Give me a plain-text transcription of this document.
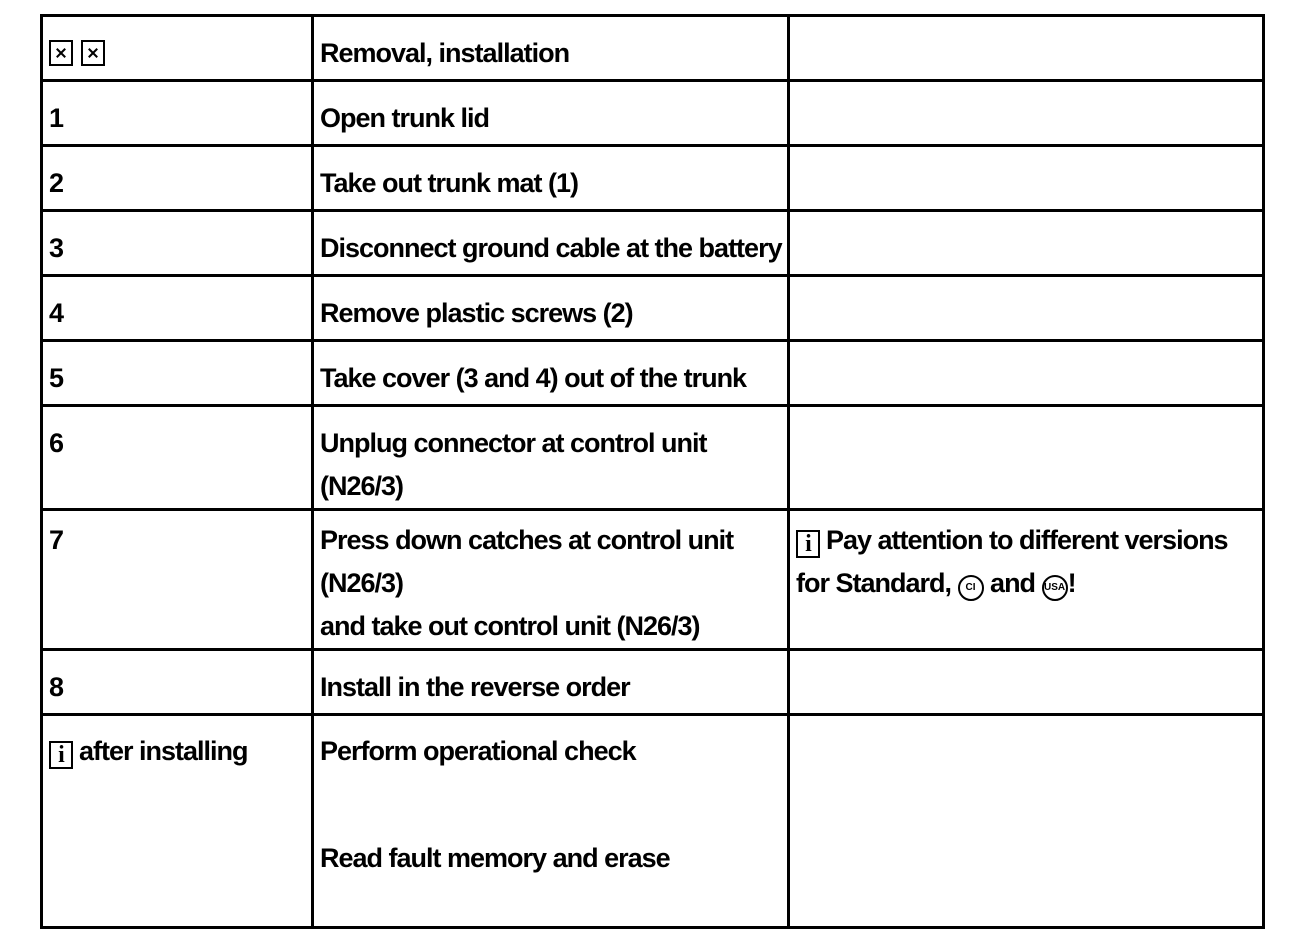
	Removal, installation	

1	Open trunk lid	

2	Take out trunk mat (1)	

3	Disconnect ground cable at the battery	

4	Remove plastic screws (2)	

5	Take cover (3 and 4) out of the trunk	

6	Unplug connector at control unit (N26/3)	

7	Press down catches at control unit (N26/3)
and take out control unit (N26/3)	i Pay attention to different versions
for Standard, CI and USA!

8	Install in the reverse order	

i after installing	Perform operational check
Read fault memory and erase	
